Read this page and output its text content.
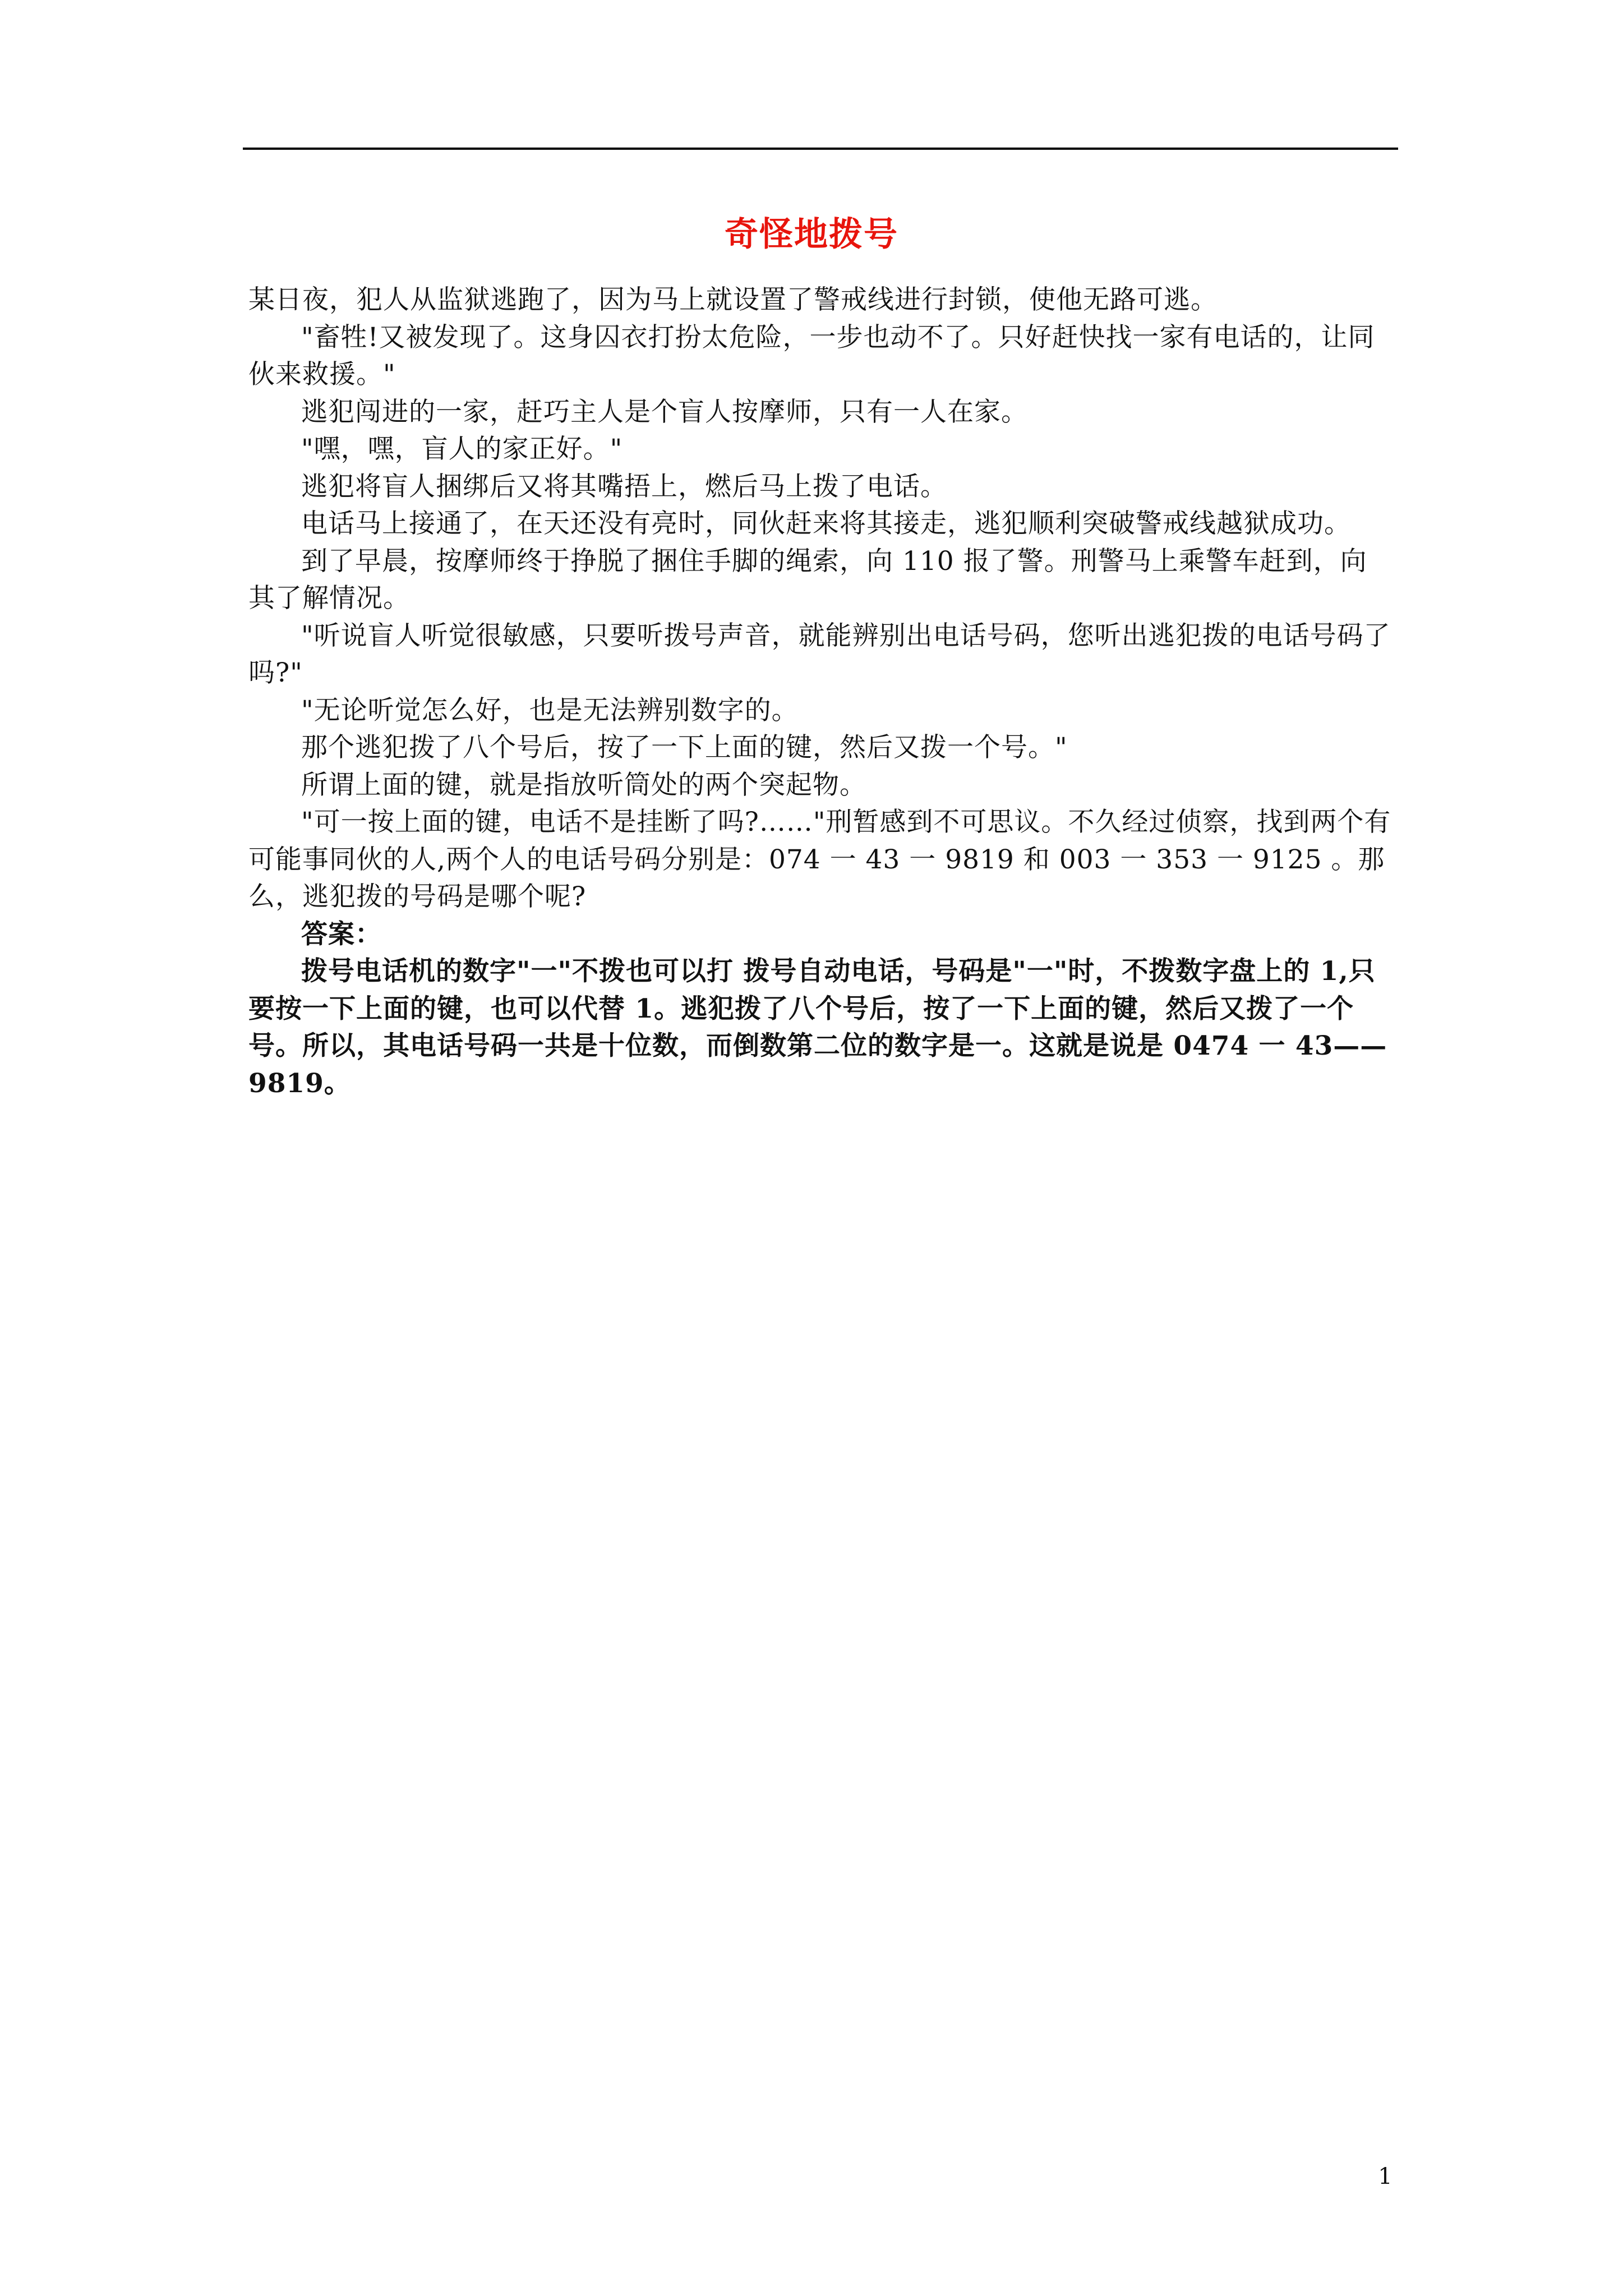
奇怪地拨号

某日夜，犯人从监狱逃跑了，因为马上就设置了警戒线进行封锁，使他无路可逃。

"畜牲!又被发现了。这身囚衣打扮太危险，一步也动不了。只好赶快找一家有电话的，让同伙来救援。"

逃犯闯进的一家，赶巧主人是个盲人按摩师，只有一人在家。

"嘿，嘿，盲人的家正好。"

逃犯将盲人捆绑后又将其嘴捂上，燃后马上拨了电话。

电话马上接通了，在天还没有亮时，同伙赶来将其接走，逃犯顺利突破警戒线越狱成功。

到了早晨，按摩师终于挣脱了捆住手脚的绳索，向 110 报了警。刑警马上乘警车赶到，向其了解情况。

"听说盲人听觉很敏感，只要听拨号声音，就能辨别出电话号码，您听出逃犯拨的电话号码了吗?"

"无论听觉怎么好，也是无法辨别数字的。

那个逃犯拨了八个号后，按了一下上面的键，然后又拨一个号。"

所谓上面的键，就是指放听筒处的两个突起物。

"可一按上面的键，电话不是挂断了吗?……"刑暂感到不可思议。不久经过侦察，找到两个有可能事同伙的人,两个人的电话号码分别是：074 一 43 一 9819 和 003 一 353 一 9125 。那么，逃犯拨的号码是哪个呢?

答案：

拨号电话机的数字"一"不拨也可以打 拨号自动电话，号码是"一"时，不拨数字盘上的 1,只要按一下上面的键，也可以代替 1。逃犯拨了八个号后，按了一下上面的键，然后又拨了一个号。所以，其电话号码一共是十位数，而倒数第二位的数字是一。这就是说是 0474 一 43——9819。

1
